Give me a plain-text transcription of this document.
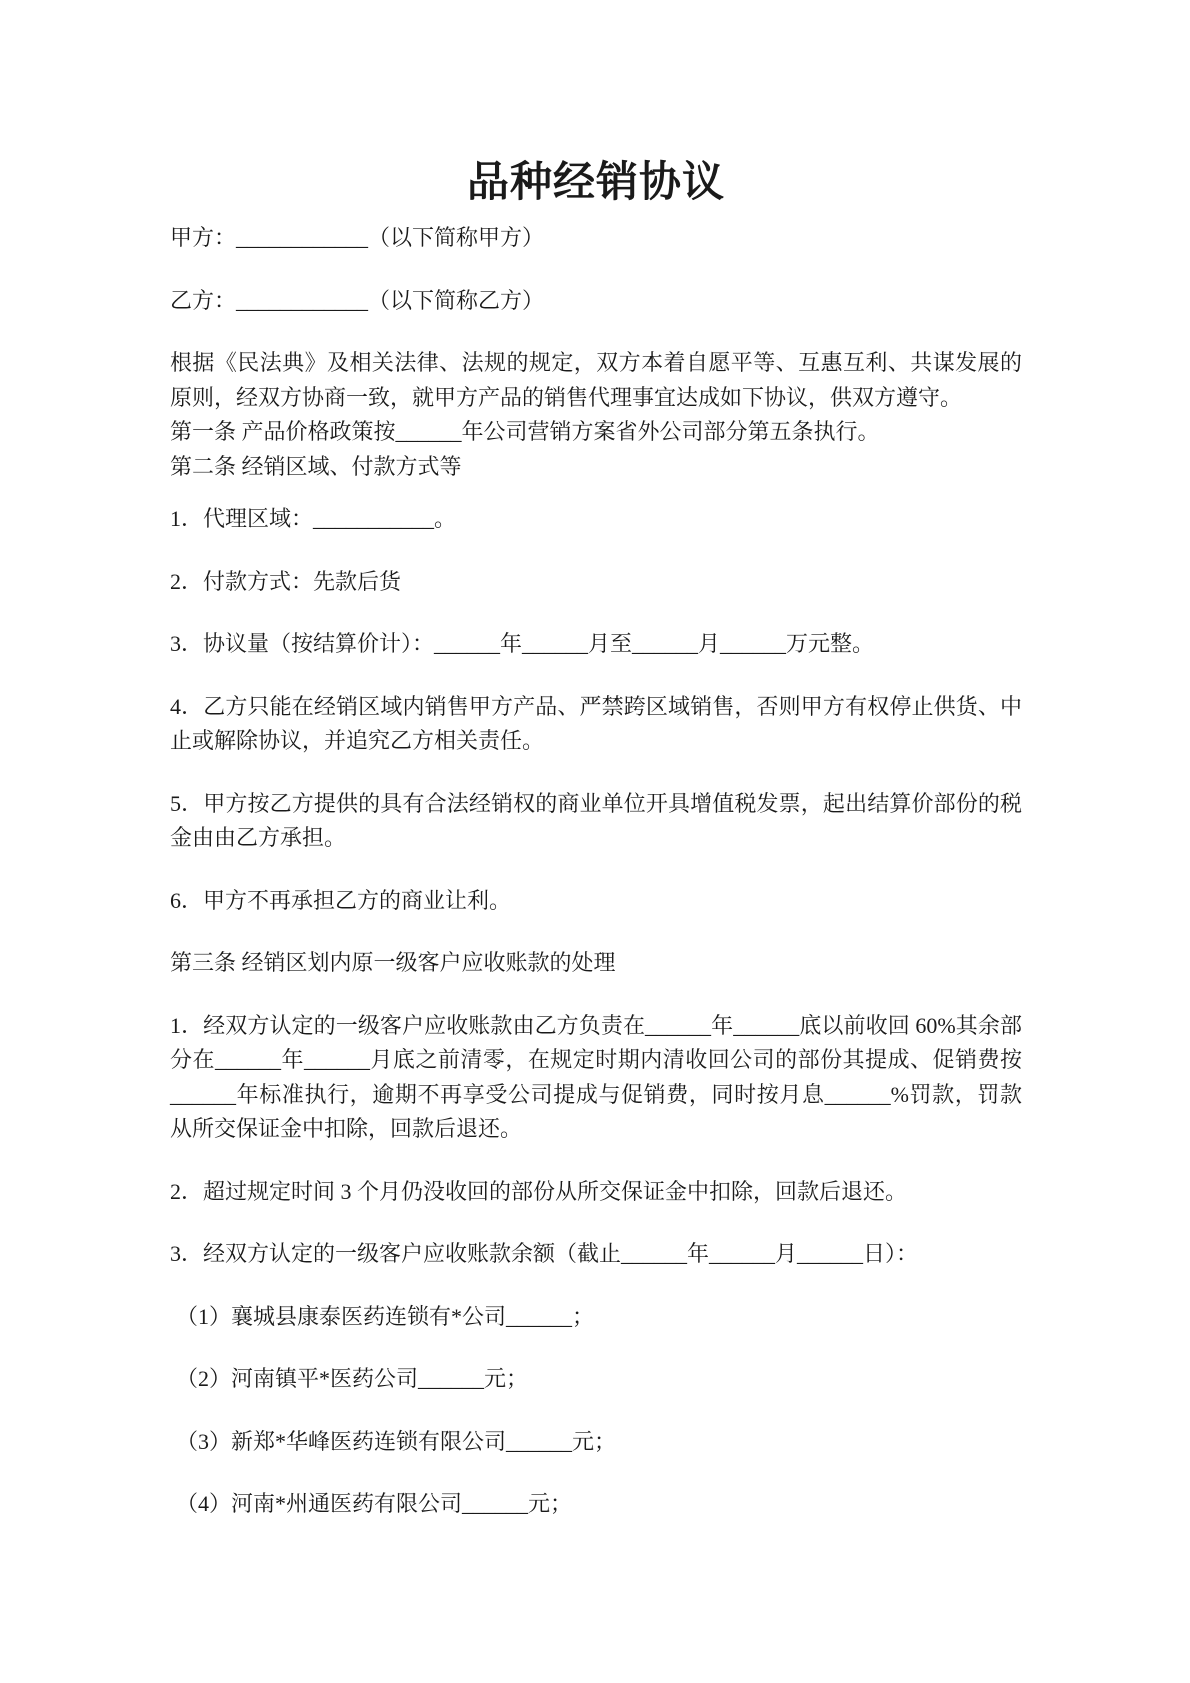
品种经销协议

甲方：____________（以下简称甲方）

乙方：____________（以下简称乙方）

根据《民法典》及相关法律、法规的规定，双方本着自愿平等、互惠互利、共谋发展的原则，经双方协商一致，就甲方产品的销售代理事宜达成如下协议，供双方遵守。

第一条 产品价格政策按______年公司营销方案省外公司部分第五条执行。

第二条 经销区域、付款方式等

1．代理区域：___________。

2．付款方式：先款后货

3．协议量（按结算价计）：______年______月至______月______万元整。

4．乙方只能在经销区域内销售甲方产品、严禁跨区域销售，否则甲方有权停止供货、中止或解除协议，并追究乙方相关责任。

5．甲方按乙方提供的具有合法经销权的商业单位开具增值税发票，起出结算价部份的税金由由乙方承担。

6．甲方不再承担乙方的商业让利。

第三条 经销区划内原一级客户应收账款的处理

1．经双方认定的一级客户应收账款由乙方负责在______年______底以前收回 60%其余部分在______年______月底之前清零，在规定时期内清收回公司的部份其提成、促销费按______年标准执行，逾期不再享受公司提成与促销费，同时按月息______%罚款，罚款从所交保证金中扣除，回款后退还。

2．超过规定时间 3 个月仍没收回的部份从所交保证金中扣除，回款后退还。

3．经双方认定的一级客户应收账款余额（截止______年______月______日）：

（1）襄城县康泰医药连锁有*公司______；

（2）河南镇平*医药公司______元；

（3）新郑*华峰医药连锁有限公司______元；

（4）河南*州通医药有限公司______元；
